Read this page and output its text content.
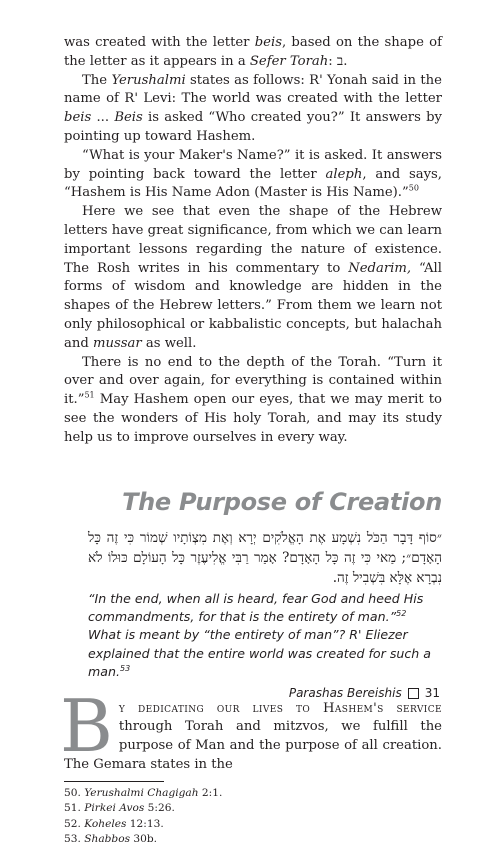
was created with the letter beis, based on the shape of the letter as it appears in a Sefer Torah: ב.

The Yerushalmi states as follows: R' Yonah said in the name of R' Levi: The world was created with the letter beis ... Beis is asked “Who created you?” It answers by pointing up toward Hashem.

“What is your Maker's Name?” it is asked. It answers by pointing back toward the letter aleph, and says, “Hashem is His Name Adon (Master is His Name).”$^{50}$

Here we see that even the shape of the Hebrew letters have great significance, from which we can learn important lessons regarding the nature of existence. The Rosh writes in his commentary to Nedarim, “All forms of wisdom and knowledge are hidden in the shapes of the Hebrew letters.” From them we learn not only philosophical or kabbalistic concepts, but halachah and mussar as well.

There is no end to the depth of the Torah. “Turn it over and over again, for everything is contained within it.”$^{51}$ May Hashem open our eyes, that we may merit to see the wonders of His holy Torah, and may its study help us to improve ourselves in every way.

The Purpose of Creation
״סוֹף דָּבָר הַכֹּל נִשְׁמָע אֶת הָאֱלֹקִים יְרָא וְאֶת מִצְוֹתָיו שְׁמוֹר כִּי זֶה כָּל הָאָדָם״; מַאי כִּי זֶה כָּל הָאָדָם? אָמַר רַבִּי אֱלִיעֶזֶר כָּל הָעוֹלָם כּוּלוֹ לֹא נִבְרָא אֶלָּא בִּשְׁבִיל זֶה.
“In the end, when all is heard, fear God and heed His commandments, for that is the entirety of man.”$^{52}$ What is meant by “the entirety of man”? R' Eliezer explained that the entire world was created for such a man.$^{53}$
B y dedicating our lives to Hashem's service through Torah and mitzvos, we fulfill the purpose of Man and the purpose of all creation. The Gemara states in the

50. Yerushalmi Chagigah 2:1.
51. Pirkei Avos 5:26.
52. Koheles 12:13.
53. Shabbos 30b.
Parashas Bereishis 31
